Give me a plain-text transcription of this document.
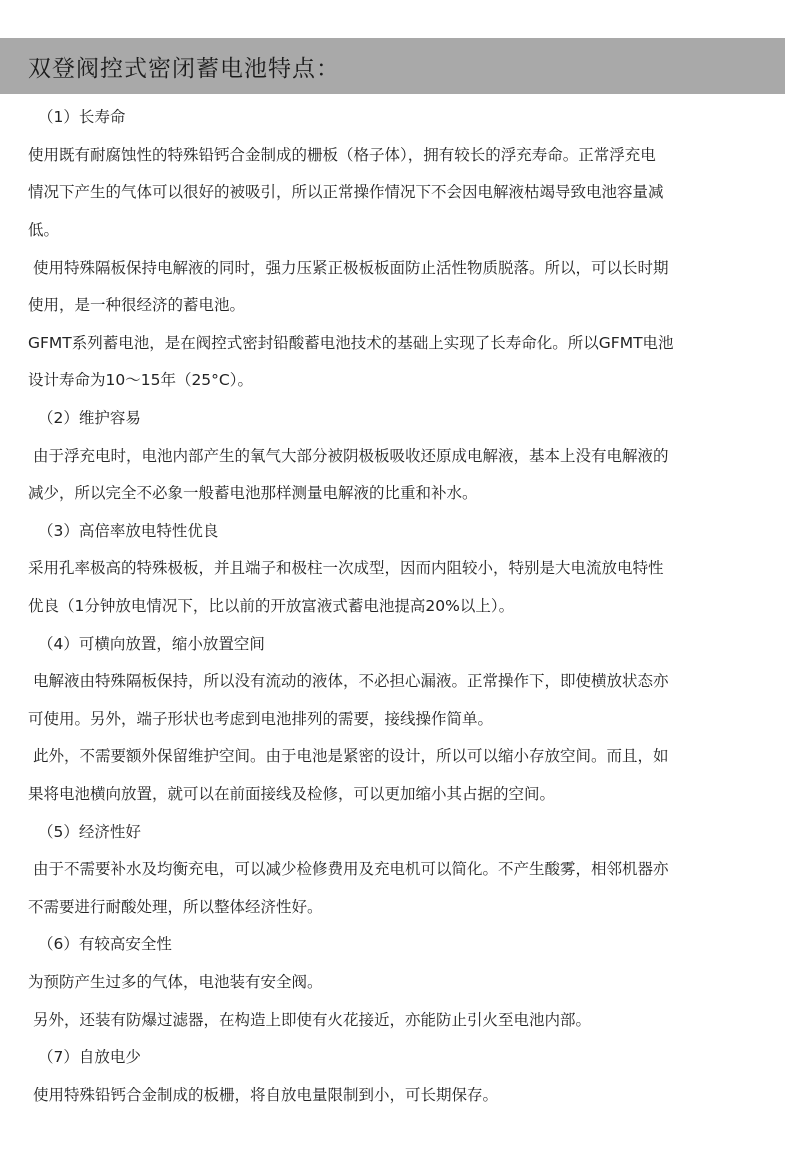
双登阀控式密闭蓄电池特点：
（1）长寿命
使用既有耐腐蚀性的特殊铅钙合金制成的栅板（格子体），拥有较长的浮充寿命。正常浮充电
情况下产生的气体可以很好的被吸引，所以正常操作情况下不会因电解液枯竭导致电池容量减
低。
使用特殊隔板保持电解液的同时，强力压紧正极板板面防止活性物质脱落。所以，可以长时期
使用，是一种很经济的蓄电池。
GFMT系列蓄电池，是在阀控式密封铅酸蓄电池技术的基础上实现了长寿命化。所以GFMT电池
设计寿命为10～15年（25°C）。
（2）维护容易
由于浮充电时，电池内部产生的氧气大部分被阴极板吸收还原成电解液，基本上没有电解液的
减少，所以完全不必象一般蓄电池那样测量电解液的比重和补水。
（3）高倍率放电特性优良
采用孔率极高的特殊极板，并且端子和极柱一次成型，因而内阻较小，特别是大电流放电特性
优良（1分钟放电情况下，比以前的开放富液式蓄电池提高20%以上）。
（4）可横向放置，缩小放置空间
电解液由特殊隔板保持，所以没有流动的液体，不必担心漏液。正常操作下，即使横放状态亦
可使用。另外，端子形状也考虑到电池排列的需要，接线操作简单。
此外，不需要额外保留维护空间。由于电池是紧密的设计，所以可以缩小存放空间。而且，如
果将电池横向放置，就可以在前面接线及检修，可以更加缩小其占据的空间。
（5）经济性好
由于不需要补水及均衡充电，可以减少检修费用及充电机可以简化。不产生酸雾，相邻机器亦
不需要进行耐酸处理，所以整体经济性好。
（6）有较高安全性
为预防产生过多的气体，电池装有安全阀。
另外，还装有防爆过滤器，在构造上即使有火花接近，亦能防止引火至电池内部。
（7）自放电少
使用特殊铅钙合金制成的板栅，将自放电量限制到小，可长期保存。
